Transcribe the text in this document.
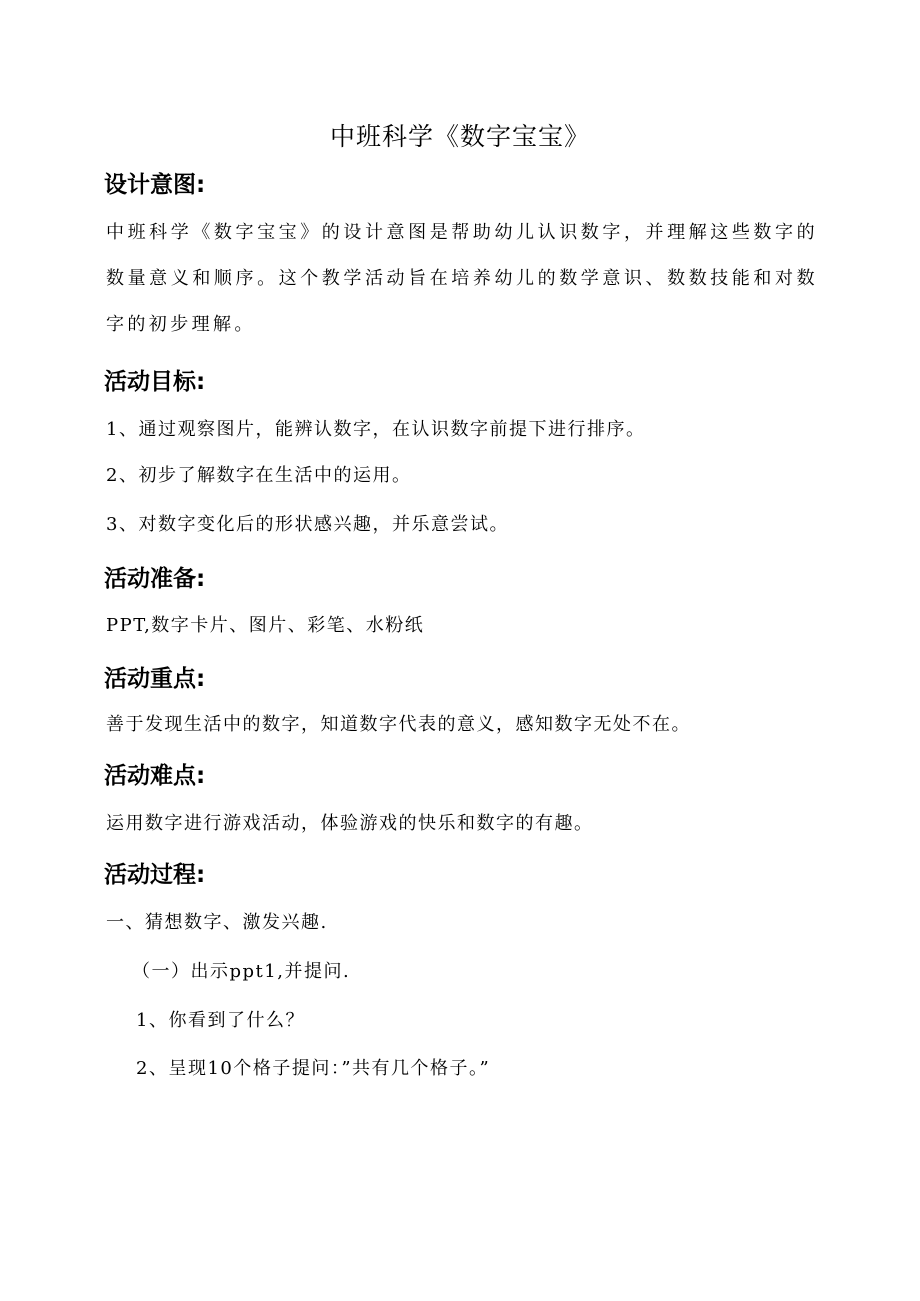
中班科学《数字宝宝》
设计意图:
中班科学《数字宝宝》的设计意图是帮助幼儿认识数字，并理解这些数字的数量意义和顺序。这个教学活动旨在培养幼儿的数学意识、数数技能和对数字的初步理解。
活动目标:
1、通过观察图片，能辨认数字，在认识数字前提下进行排序。
2、初步了解数字在生活中的运用。
3、对数字变化后的形状感兴趣，并乐意尝试。
活动准备:
PPT,数字卡片、图片、彩笔、水粉纸
活动重点:
善于发现生活中的数字，知道数字代表的意义，感知数字无处不在。
活动难点:
运用数字进行游戏活动，体验游戏的快乐和数字的有趣。
活动过程:
一、猜想数字、激发兴趣.
（一）出示ppt1,并提问.
1、你看到了什么？
2、呈现10个格子提问：”共有几个格子。”
